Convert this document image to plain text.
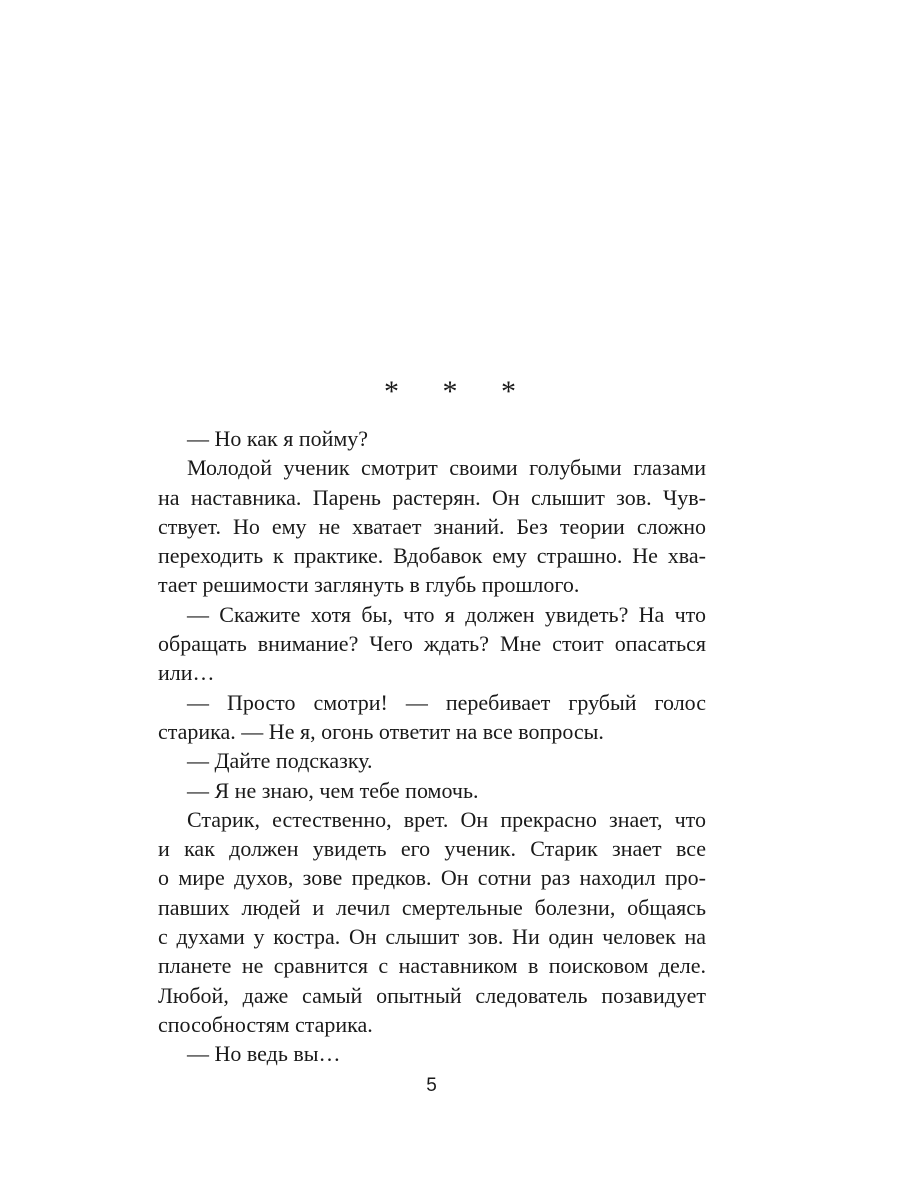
* * *
— Но как я пойму?
Молодой ученик смотрит своими голубыми глазами
на наставника. Парень растерян. Он слышит зов. Чув-
ствует. Но ему не хватает знаний. Без теории сложно
переходить к практике. Вдобавок ему страшно. Не хва-
тает решимости заглянуть в глубь прошлого.
— Скажите хотя бы, что я должен увидеть? На что
обращать внимание? Чего ждать? Мне стоит опасаться
или…
— Просто смотри! — перебивает грубый голос
старика. — Не я, огонь ответит на все вопросы.
— Дайте подсказку.
— Я не знаю, чем тебе помочь.
Старик, естественно, врет. Он прекрасно знает, что
и как должен увидеть его ученик. Старик знает все
о мире духов, зове предков. Он сотни раз находил про-
павших людей и лечил смертельные болезни, общаясь
с духами у костра. Он слышит зов. Ни один человек на
планете не сравнится с наставником в поисковом деле.
Любой, даже самый опытный следователь позавидует
способностям старика.
— Но ведь вы…
5
